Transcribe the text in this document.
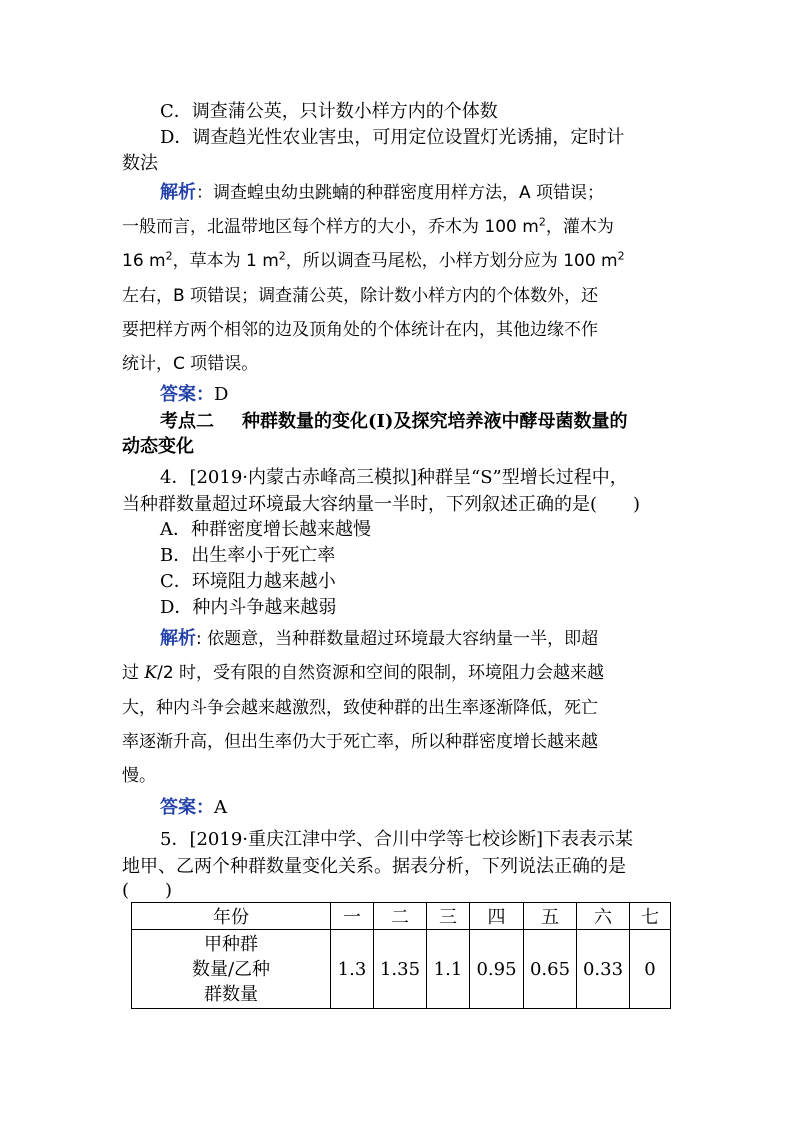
C．调查蒲公英，只计数小样方内的个体数
D．调查趋光性农业害虫，可用定位设置灯光诱捕，定时计
数法
解析：调查蝗虫幼虫跳蝻的种群密度用样方法，A 项错误；
一般而言，北温带地区每个样方的大小，乔木为 100 $m^2$，灌木为
16 $m^2$，草本为 1 $m^2$，所以调查马尾松，小样方划分应为 100 $m^2$
左右，B 项错误；调查蒲公英，除计数小样方内的个体数外，还
要把样方两个相邻的边及顶角处的个体统计在内，其他边缘不作
统计，C 项错误。
答案：D
考点二 种群数量的变化(Ⅰ)及探究培养液中酵母菌数量的
动态变化
4．[2019·内蒙古赤峰高三模拟]种群呈“S”型增长过程中，
当种群数量超过环境最大容纳量一半时，下列叙述正确的是(　　)
A．种群密度增长越来越慢
B．出生率小于死亡率
C．环境阻力越来越小
D．种内斗争越来越弱
解析: 依题意，当种群数量超过环境最大容纳量一半，即超
过 K/2 时，受有限的自然资源和空间的限制，环境阻力会越来越
大，种内斗争会越来越激烈，致使种群的出生率逐渐降低，死亡
率逐渐升高，但出生率仍大于死亡率，所以种群密度增长越来越
慢。
答案：A
5．[2019·重庆江津中学、合川中学等七校诊断]下表表示某
地甲、乙两个种群数量变化关系。据表分析，下列说法正确的是
(　　)
年份	一	二	三	四	五	六	七

甲种群
数量/乙种
群数量	1.3	1.35	1.1	0.95	0.65	0.33	0
